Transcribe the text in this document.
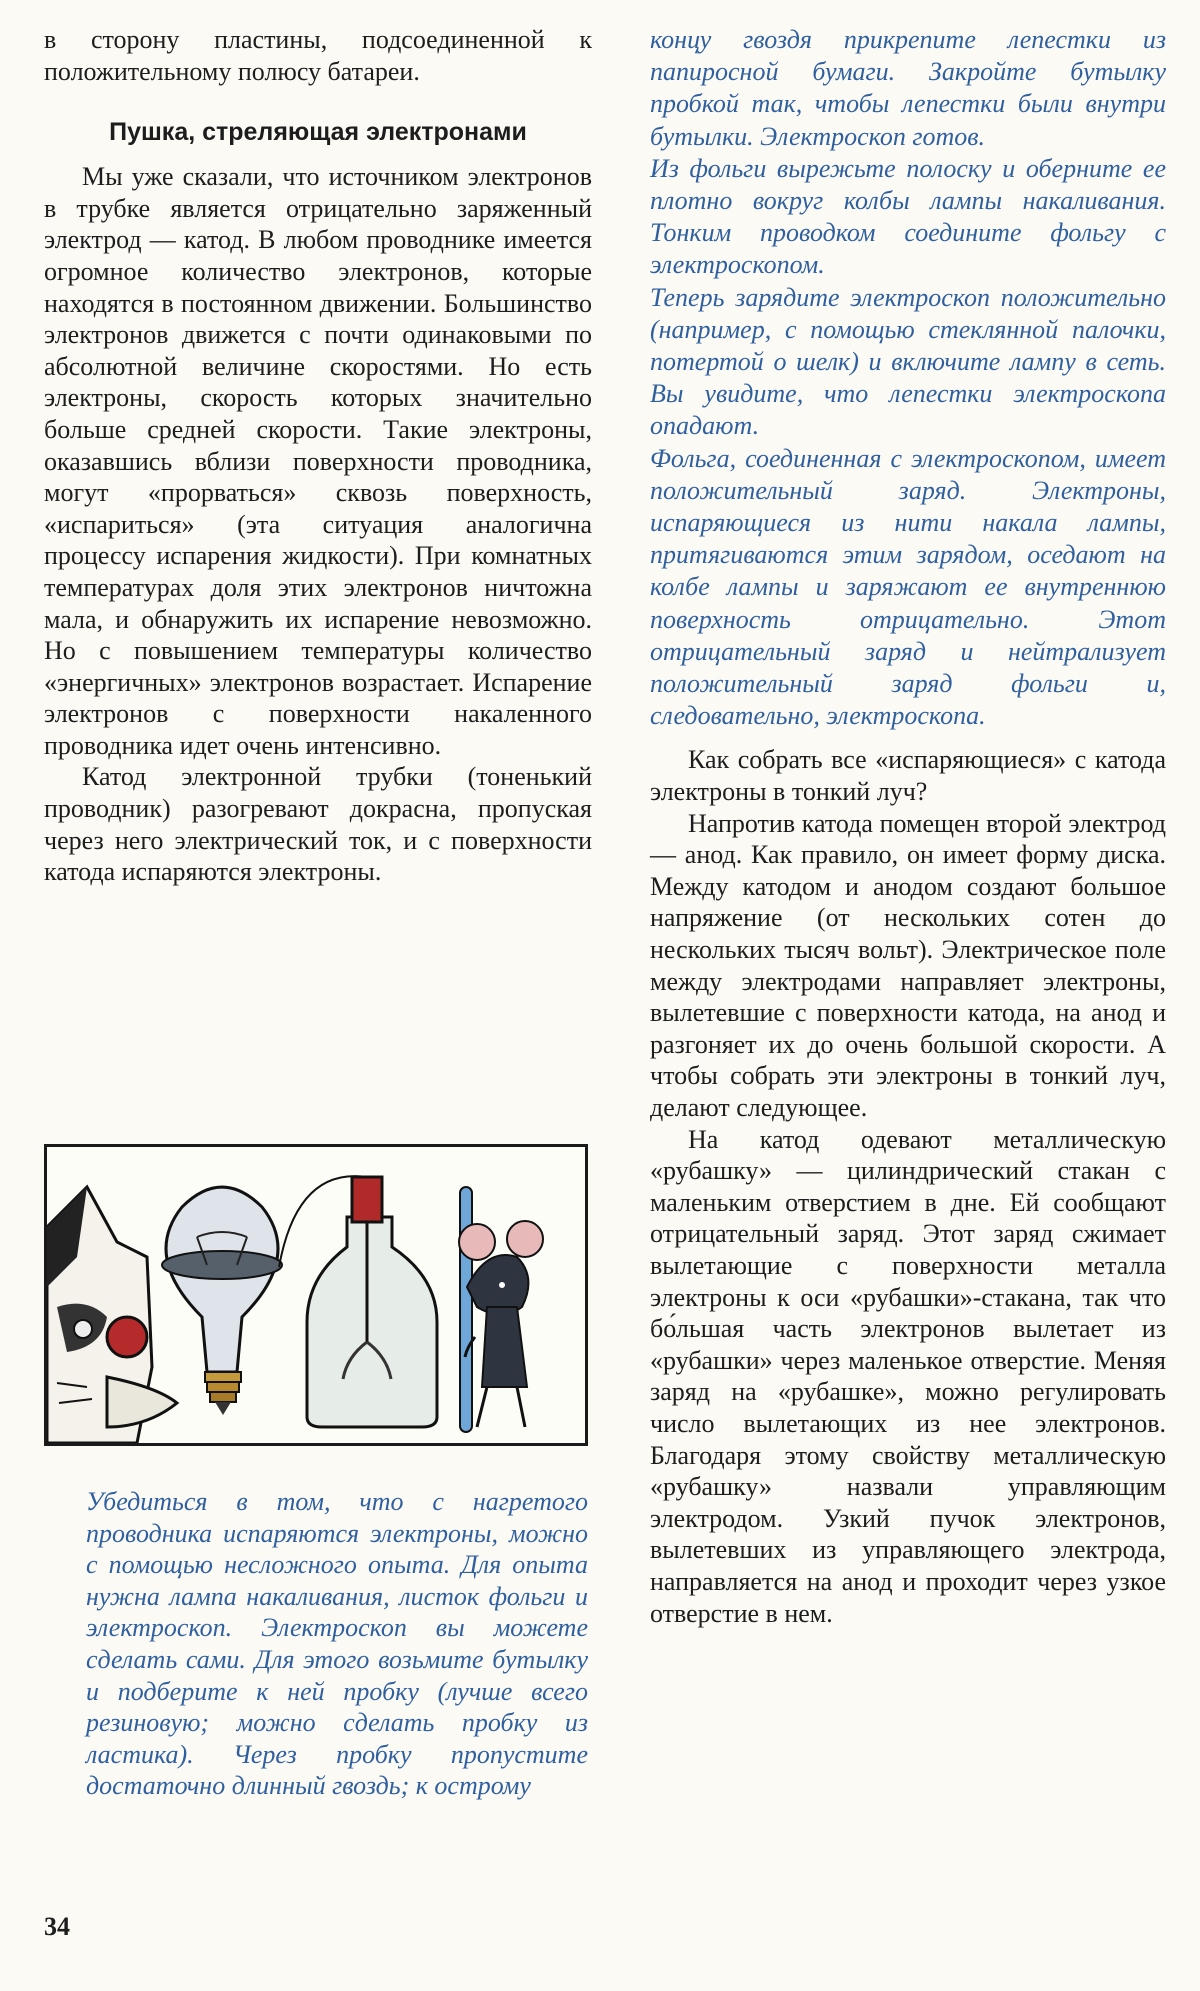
в сторону пластины, подсоединенной к положительному полюсу батареи.

Пушка, стреляющая электронами

Мы уже сказали, что источником электронов в трубке является отрицательно заряженный электрод — катод. В любом проводнике имеется огромное количество электронов, которые находятся в постоянном движении. Большинство электронов движется с почти одинаковыми по абсолютной величине скоростями. Но есть электроны, скорость которых значительно больше средней скорости. Такие электроны, оказавшись вблизи поверхности проводника, могут «прорваться» сквозь поверхность, «испариться» (эта ситуация аналогична процессу испарения жидкости). При комнатных температурах доля этих электронов ничтожна мала, и обнаружить их испарение невозможно. Но с повышением температуры количество «энергичных» электронов возрастает. Испарение электронов с поверхности накаленного проводника идет очень интенсивно.

Катод электронной трубки (тоненький проводник) разогревают докрасна, пропуская через него электрический ток, и с поверхности катода испаряются электроны.

Убедиться в том, что с нагретого проводника испаряются электроны, можно с помощью несложного опыта. Для опыта нужна лампа накаливания, листок фольги и электроскоп. Электроскоп вы можете сделать сами. Для этого возьмите бутылку и подберите к ней пробку (лучше всего резиновую; можно сделать пробку из ластика). Через пробку пропустите достаточно длинный гвоздь; к острому

концу гвоздя прикрепите лепестки из папиросной бумаги. Закройте бутылку пробкой так, чтобы лепестки были внутри бутылки. Электроскоп готов.

Из фольги вырежьте полоску и оберните ее плотно вокруг колбы лампы накаливания. Тонким проводком соедините фольгу с электроскопом.

Теперь зарядите электроскоп положительно (например, с помощью стеклянной палочки, потертой о шелк) и включите лампу в сеть. Вы увидите, что лепестки электроскопа опадают.

Фольга, соединенная с электроскопом, имеет положительный заряд. Электроны, испаряющиеся из нити накала лампы, притягиваются этим зарядом, оседают на колбе лампы и заряжают ее внутреннюю поверхность отрицательно. Этот отрицательный заряд и нейтрализует положительный заряд фольги и, следовательно, электроскопа.

Как собрать все «испаряющиеся» с катода электроны в тонкий луч?

Напротив катода помещен второй электрод — анод. Как правило, он имеет форму диска. Между катодом и анодом создают большое напряжение (от нескольких сотен до нескольких тысяч вольт). Электрическое поле между электродами направляет электроны, вылетевшие с поверхности катода, на анод и разгоняет их до очень большой скорости. А чтобы собрать эти электроны в тонкий луч, делают следующее.

На катод одевают металлическую «рубашку» — цилиндрический стакан с маленьким отверстием в дне. Ей сообщают отрицательный заряд. Этот заряд сжимает вылетающие с поверхности металла электроны к оси «рубашки»-стакана, так что бо́льшая часть электронов вылетает из «рубашки» через маленькое отверстие. Меняя заряд на «рубашке», можно регулировать число вылетающих из нее электронов. Благодаря этому свойству металлическую «рубашку» назвали управляющим электродом. Узкий пучок электронов, вылетевших из управляющего электрода, направляется на анод и проходит через узкое отверстие в нем.

34
